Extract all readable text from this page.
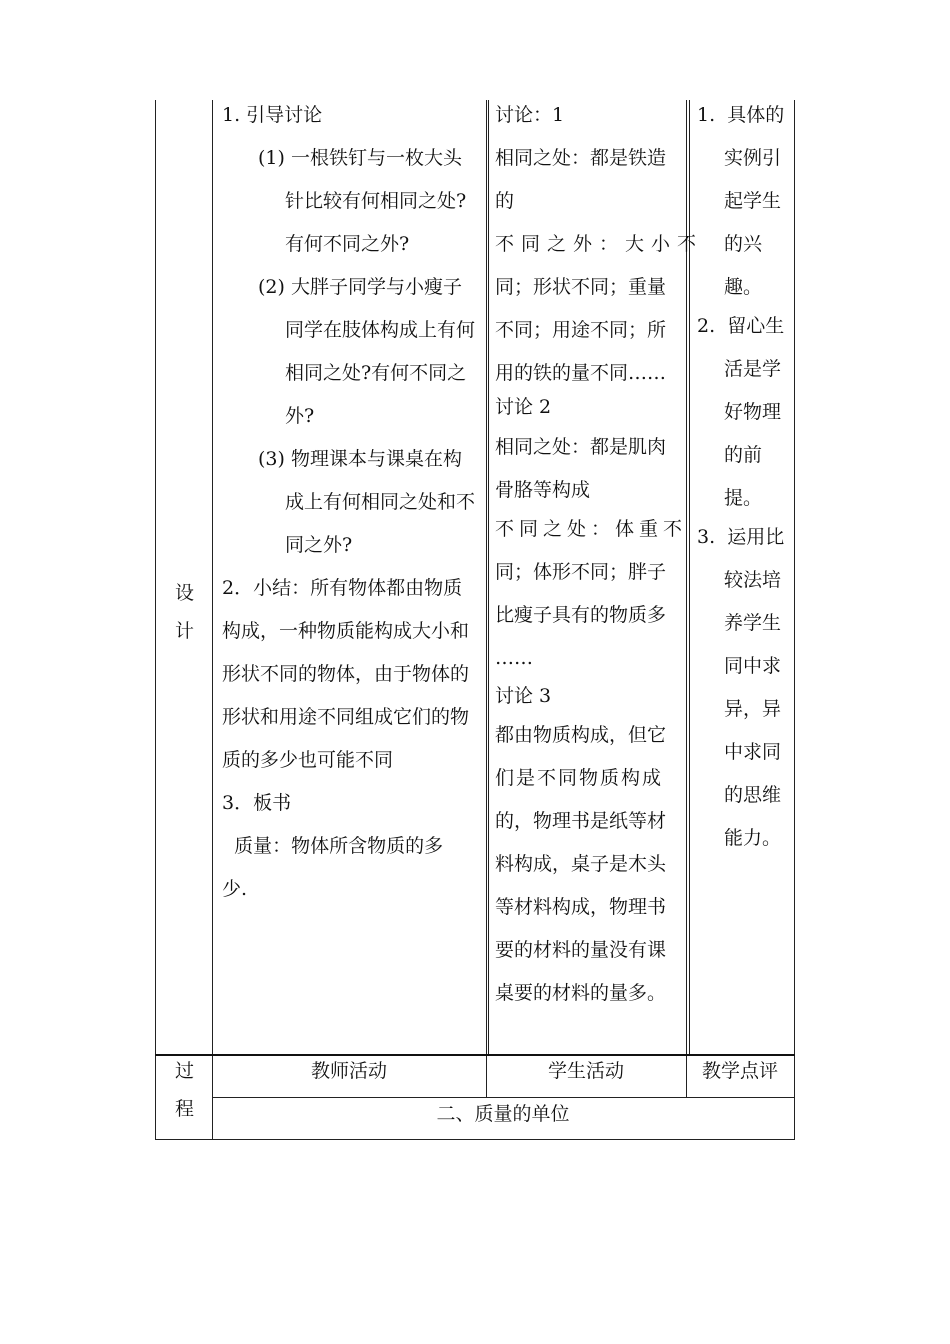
设
计
过
程
1. 引导讨论
(1) 一根铁钉与一枚大头
针比较有何相同之处?
有何不同之外?
(2) 大胖子同学与小瘦子
同学在肢体构成上有何
相同之处?有何不同之
外?
(3) 物理课本与课桌在构
成上有何相同之处和不
同之外?
2．小结：所有物体都由物质
构成，一种物质能构成大小和
形状不同的物体，由于物体的
形状和用途不同组成它们的物
质的多少也可能不同
3．板书
质量：物体所含物质的多
少.
讨论：1
相同之处：都是铁造
的
不同之外：大小不
同；形状不同；重量
不同；用途不同；所
用的铁的量不同……
讨论 2
相同之处：都是肌肉
骨胳等构成
不同之处：体重不
同；体形不同；胖子
比瘦子具有的物质多
……
讨论 3
都由物质构成，但它
们是不同物质构成
的，物理书是纸等材
料构成，桌子是木头
等材料构成，物理书
要的材料的量没有课
桌要的材料的量多。
1.  具体的
实例引
起学生
的兴
趣。
2.  留心生
活是学
好物理
的前
提。
3.  运用比
较法培
养学生
同中求
异，异
中求同
的思维
能力。
教师活动	学生活动	教学点评
二、质量的单位
